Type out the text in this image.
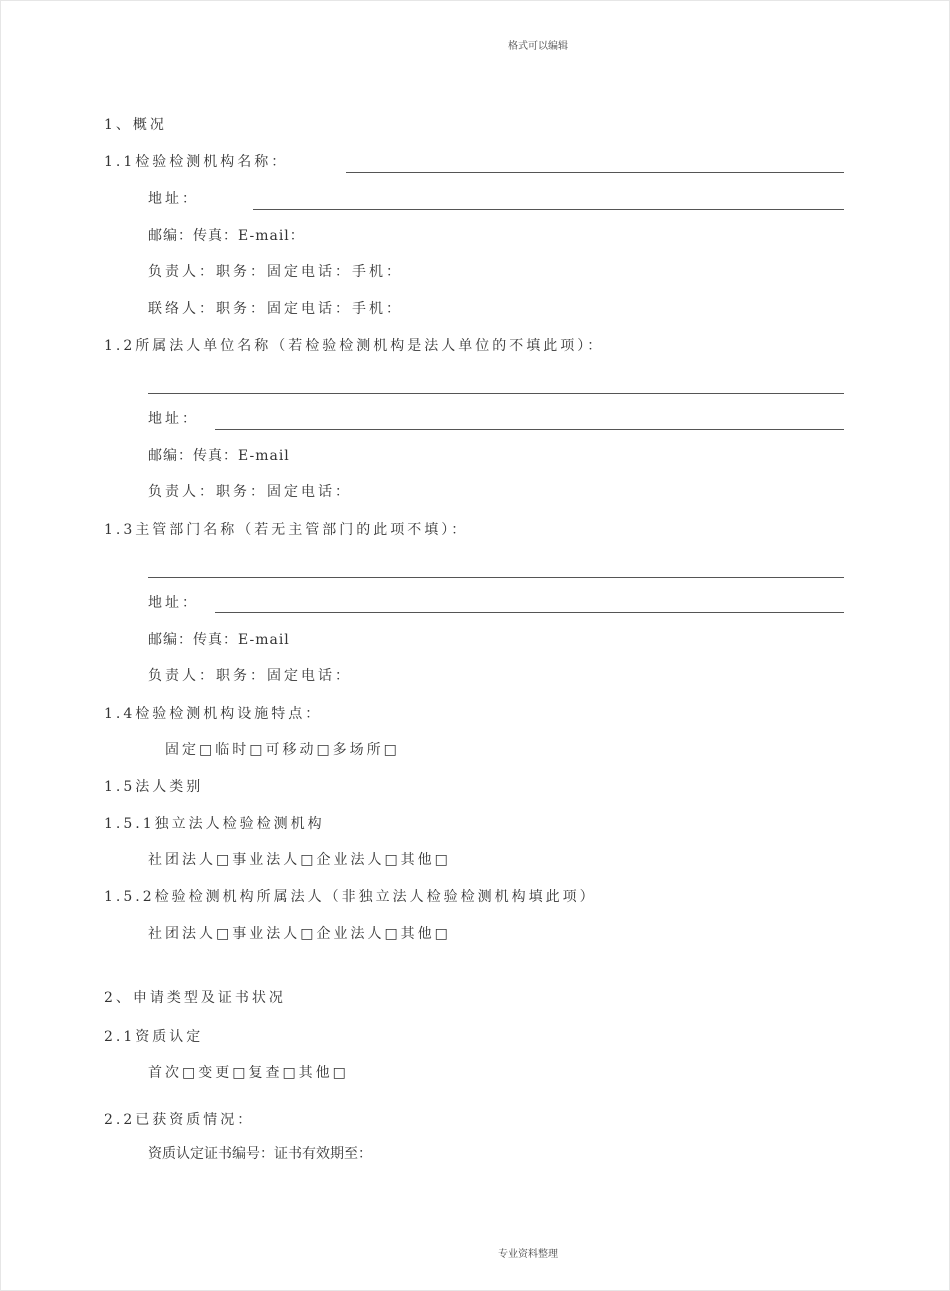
格式可以编辑
1、概况
1.1检验检测机构名称：
地址：
邮编：传真：E-mail：
负责人：职务：固定电话：手机：
联络人：职务：固定电话：手机：
1.2所属法人单位名称（若检验检测机构是法人单位的不填此项）：
地址：
邮编：传真：E-mail
负责人：职务：固定电话：
1.3主管部门名称（若无主管部门的此项不填）：
地址：
邮编：传真：E-mail
负责人：职务：固定电话：
1.4检验检测机构设施特点：
固定□临时□可移动□多场所□
1.5法人类别
1.5.1独立法人检验检测机构
社团法人□事业法人□企业法人□其他□
1.5.2检验检测机构所属法人（非独立法人检验检测机构填此项）
社团法人□事业法人□企业法人□其他□
2、申请类型及证书状况
2.1资质认定
首次□变更□复查□其他□
2.2已获资质情况：
资质认定证书编号：证书有效期至：
专业资料整理
